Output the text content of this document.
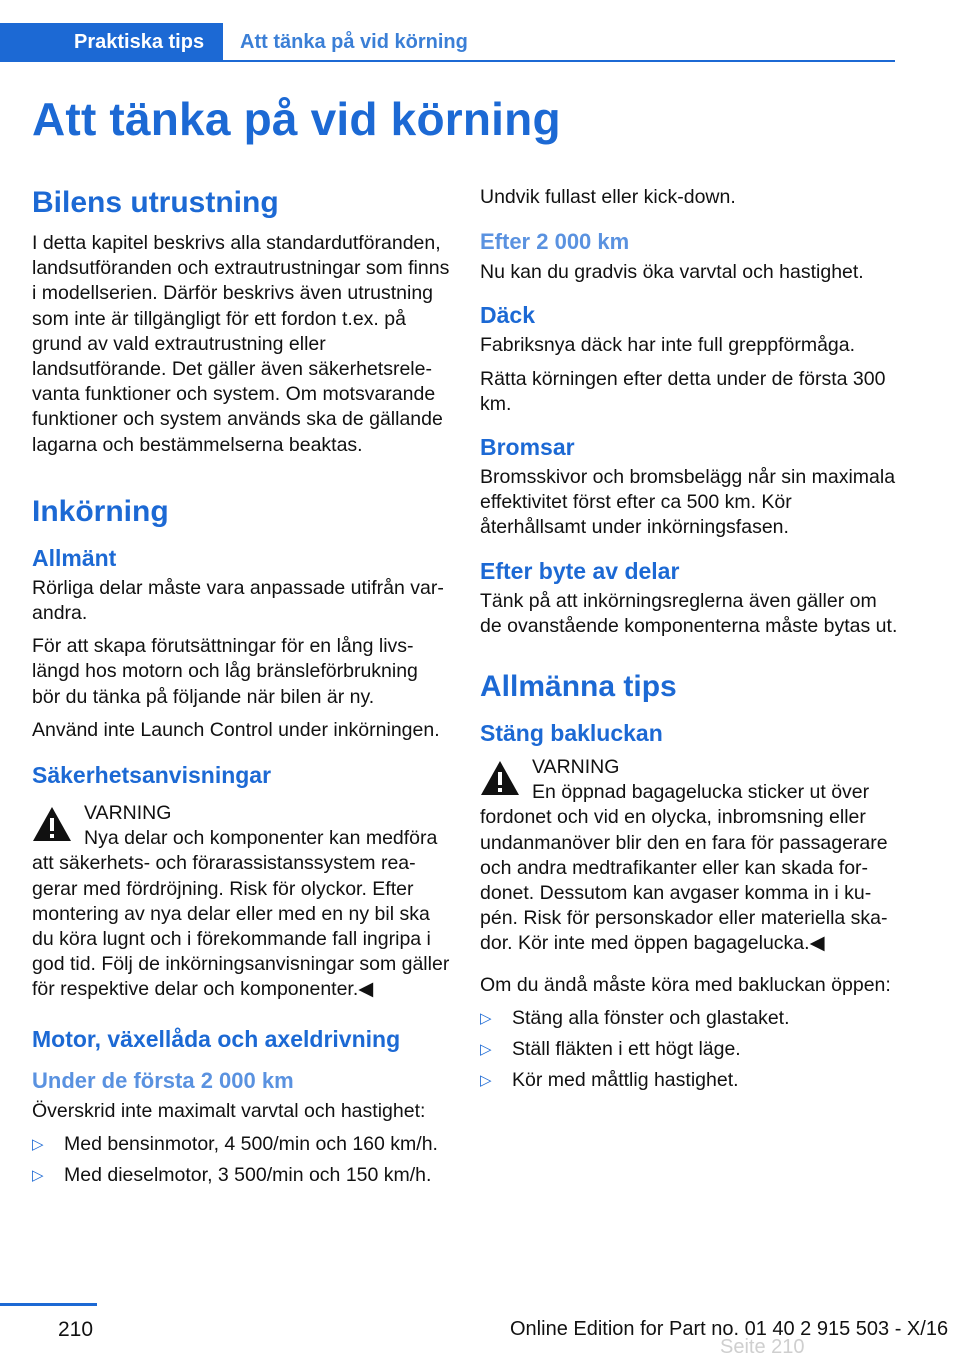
Praktiska tips	Att tänka på vid körning
Att tänka på vid körning
Bilens utrustning

I detta kapitel beskrivs alla standardutföranden, landsutföranden och extrautrustningar som finns i modellserien. Därför beskrivs även utrustning som inte är tillgängligt för ett fordon t.ex. på grund av vald extrautrustning eller landsutförande. Det gäller även säkerhetsrelevanta funktioner och system. Om motsvarande funktioner och system används ska de gällande lagarna och bestämmelserna beaktas.

Inkörning
Allmänt

Rörliga delar måste vara anpassade utifrån varandra.

För att skapa förutsättningar för en lång livslängd hos motorn och låg bränsleförbrukning bör du tänka på följande när bilen är ny.

Använd inte Launch Control under inkörningen.

Säkerhetsanvisningar
VARNING
Nya delar och komponenter kan medföra att säkerhets- och förarassistanssystem reagerar med fördröjning. Risk för olyckor. Efter montering av nya delar eller med en ny bil ska du köra lugnt och i förekommande fall ingripa i god tid. Följ de inkörningsanvisningar som gäller för respektive delar och komponenter.◀
Motor, växellåda och axeldrivning
Under de första 2 000 km

Överskrid inte maximalt varvtal och hastighet:

▷	Med bensinmotor, 4 500/min och 160 km/h.
▷	Med dieselmotor, 3 500/min och 150 km/h.

Undvik fullast eller kick-down.

Efter 2 000 km

Nu kan du gradvis öka varvtal och hastighet.

Däck

Fabriksnya däck har inte full greppförmåga.

Rätta körningen efter detta under de första 300 km.

Bromsar

Bromsskivor och bromsbelägg når sin maximala effektivitet först efter ca 500 km. Kör återhållsamt under inkörningsfasen.

Efter byte av delar

Tänk på att inkörningsreglerna även gäller om de ovanstående komponenterna måste bytas ut.

Allmänna tips
Stäng bakluckan
VARNING
En öppnad bagagelucka sticker ut över fordonet och vid en olycka, inbromsning eller undanmanöver blir den en fara för passagerare och andra medtrafikanter eller kan skada fordonet. Dessutom kan avgaser komma in i kupén. Risk för personskador eller materiella skador. Kör inte med öppen bagagelucka.◀

Om du ändå måste köra med bakluckan öppen:

▷	Stäng alla fönster och glastaket.
▷	Ställ fläkten i ett högt läge.
▷	Kör med måttlig hastighet.
210	Online Edition for Part no. 01 40 2 915 503 - X/16
Seite 210
